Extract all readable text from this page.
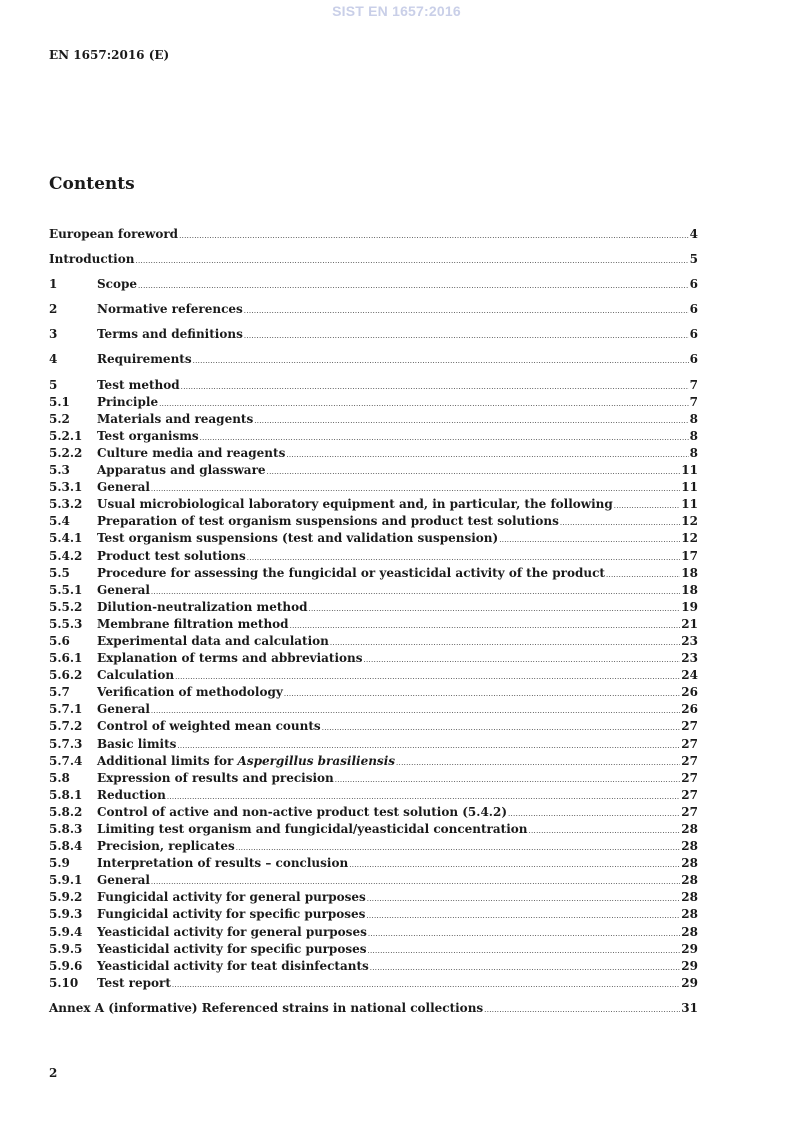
SIST EN 1657:2016
EN 1657:2016 (E)
Contents
European foreword .....	4
Introduction .....	5
1	Scope .....	6
2	Normative references .....	6
3	Terms and definitions .....	6
4	Requirements .....	6
5	Test method .....	7
5.1	Principle .....	7
5.2	Materials and reagents .....	8
5.2.1	Test organisms .....	8
5.2.2	Culture media and reagents .....	8
5.3	Apparatus and glassware .....	11
5.3.1	General .....	11
5.3.2	Usual microbiological laboratory equipment and, in particular, the following .....	11
5.4	Preparation of test organism suspensions and product test solutions .....	12
5.4.1	Test organism suspensions (test and validation suspension) .....	12
5.4.2	Product test solutions .....	17
5.5	Procedure for assessing the fungicidal or yeasticidal activity of the product .....	18
5.5.1	General .....	18
5.5.2	Dilution-neutralization method .....	19
5.5.3	Membrane filtration method .....	21
5.6	Experimental data and calculation .....	23
5.6.1	Explanation of terms and abbreviations .....	23
5.6.2	Calculation .....	24
5.7	Verification of methodology .....	26
5.7.1	General .....	26
5.7.2	Control of weighted mean counts .....	27
5.7.3	Basic limits .....	27
5.7.4	Additional limits for Aspergillus brasiliensis .....	27
5.8	Expression of results and precision .....	27
5.8.1	Reduction .....	27
5.8.2	Control of active and non-active product test solution (5.4.2) .....	27
5.8.3	Limiting test organism and fungicidal/yeasticidal concentration .....	28
5.8.4	Precision, replicates .....	28
5.9	Interpretation of results – conclusion .....	28
5.9.1	General .....	28
5.9.2	Fungicidal activity for general purposes .....	28
5.9.3	Fungicidal activity for specific purposes .....	28
5.9.4	Yeasticidal activity for general purposes .....	28
5.9.5	Yeasticidal activity for specific purposes .....	29
5.9.6	Yeasticidal activity for teat disinfectants .....	29
5.10	Test report .....	29
Annex A (informative) Referenced strains in national collections .....	31
2
